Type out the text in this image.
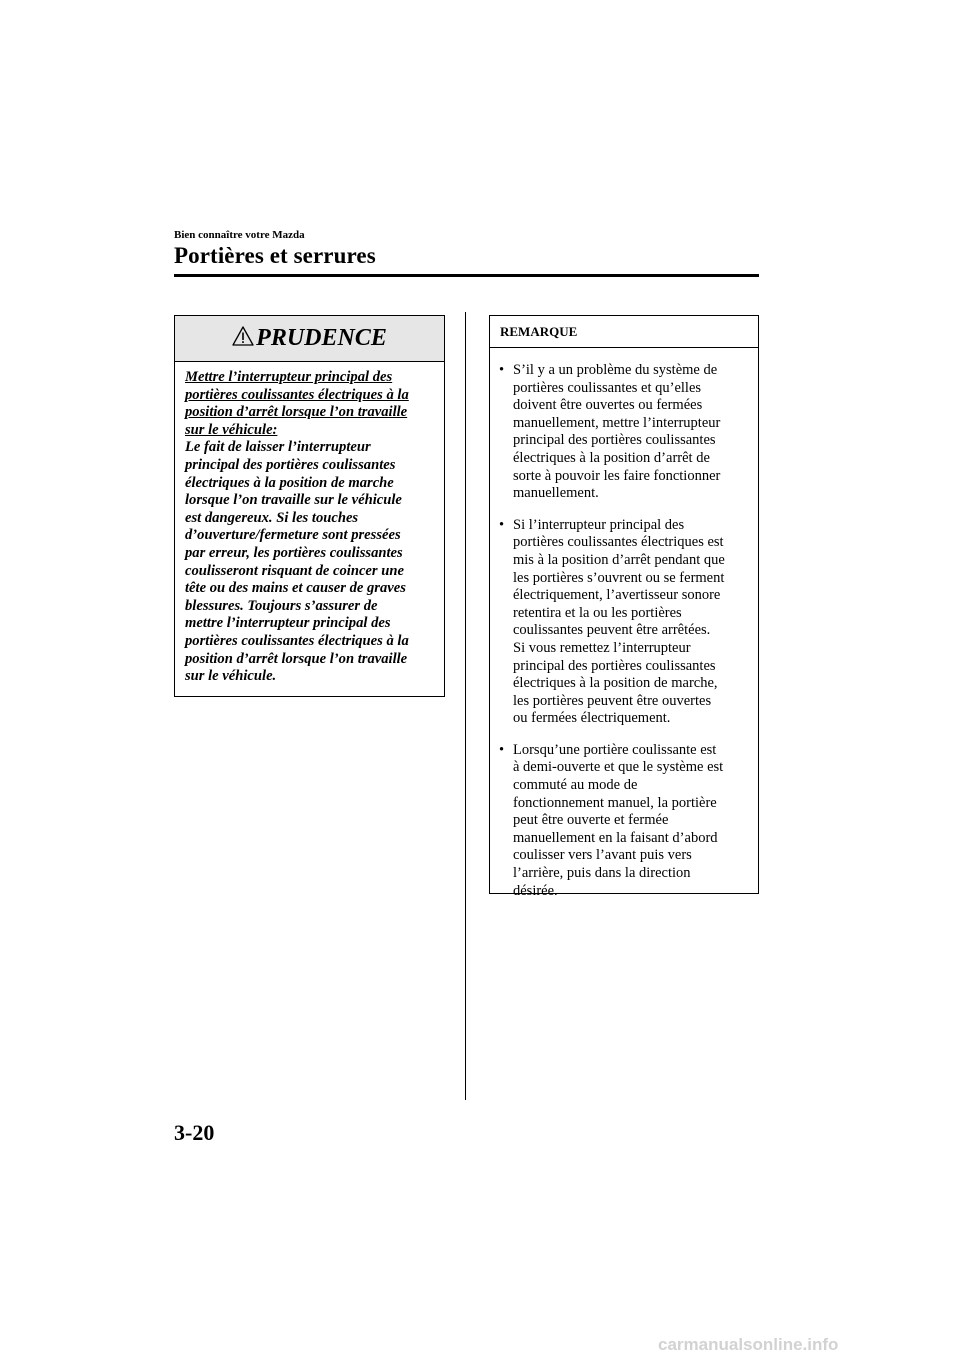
Bien connaître votre Mazda
Portières et serrures
PRUDENCE
Mettre l’interrupteur principal des
portières coulissantes électriques à la
position d’arrêt lorsque l’on travaille
sur le véhicule:
Le fait de laisser l’interrupteur
principal des portières coulissantes
électriques à la position de marche
lorsque l’on travaille sur le véhicule
est dangereux. Si les touches
d’ouverture/fermeture sont pressées
par erreur, les portières coulissantes
coulisseront risquant de coincer une
tête ou des mains et causer de graves
blessures. Toujours s’assurer de
mettre l’interrupteur principal des
portières coulissantes électriques à la
position d’arrêt lorsque l’on travaille
sur le véhicule.
REMARQUE
• S’il y a un problème du système de
portières coulissantes et qu’elles
doivent être ouvertes ou fermées
manuellement, mettre l’interrupteur
principal des portières coulissantes
électriques à la position d’arrêt de
sorte à pouvoir les faire fonctionner
manuellement.
• Si l’interrupteur principal des
portières coulissantes électriques est
mis à la position d’arrêt pendant que
les portières s’ouvrent ou se ferment
électriquement, l’avertisseur sonore
retentira et la ou les portières
coulissantes peuvent être arrêtées.
Si vous remettez l’interrupteur
principal des portières coulissantes
électriques à la position de marche,
les portières peuvent être ouvertes
ou fermées électriquement.
• Lorsqu’une portière coulissante est
à demi-ouverte et que le système est
commuté au mode de
fonctionnement manuel, la portière
peut être ouverte et fermée
manuellement en la faisant d’abord
coulisser vers l’avant puis vers
l’arrière, puis dans la direction
désirée.
3-20
carmanualsonline.info
